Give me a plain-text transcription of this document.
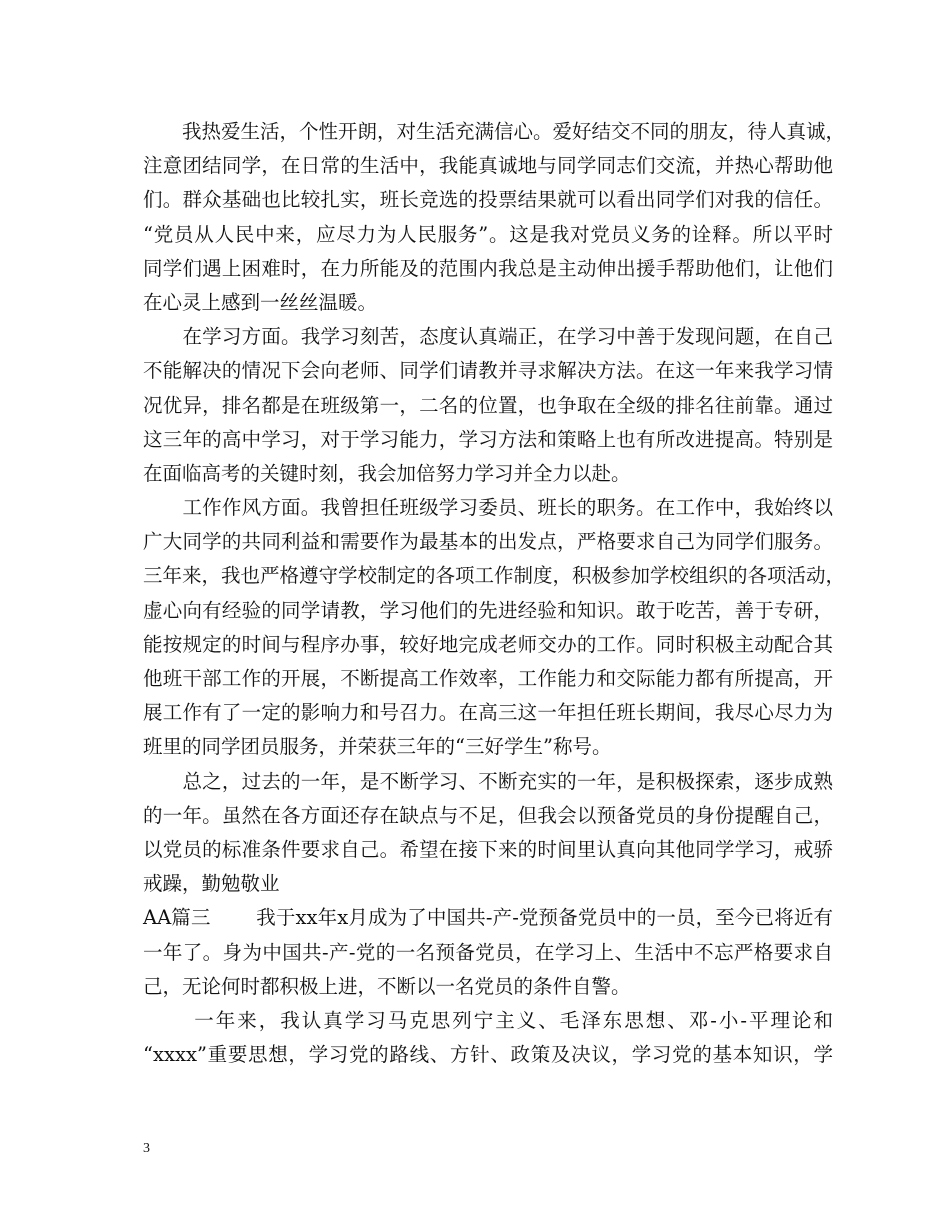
　　我热爱生活，个性开朗，对生活充满信心。爱好结交不同的朋友，待人真诚，
注意团结同学，在日常的生活中，我能真诚地与同学同志们交流，并热心帮助他
们。群众基础也比较扎实，班长竞选的投票结果就可以看出同学们对我的信任。
“党员从人民中来，应尽力为人民服务”。这是我对党员义务的诠释。所以平时
同学们遇上困难时，在力所能及的范围内我总是主动伸出援手帮助他们，让他们
在心灵上感到一丝丝温暖。
　　在学习方面。我学习刻苦，态度认真端正，在学习中善于发现问题，在自己
不能解决的情况下会向老师、同学们请教并寻求解决方法。在这一年来我学习情
况优异，排名都是在班级第一，二名的位置，也争取在全级的排名往前靠。通过
这三年的高中学习，对于学习能力，学习方法和策略上也有所改进提高。特别是
在面临高考的关键时刻，我会加倍努力学习并全力以赴。
　　工作作风方面。我曾担任班级学习委员、班长的职务。在工作中，我始终以
广大同学的共同利益和需要作为最基本的出发点，严格要求自己为同学们服务。
三年来，我也严格遵守学校制定的各项工作制度，积极参加学校组织的各项活动，
虚心向有经验的同学请教，学习他们的先进经验和知识。敢于吃苦，善于专研，
能按规定的时间与程序办事，较好地完成老师交办的工作。同时积极主动配合其
他班干部工作的开展，不断提高工作效率，工作能力和交际能力都有所提高，开
展工作有了一定的影响力和号召力。在高三这一年担任班长期间，我尽心尽力为
班里的同学团员服务，并荣获三年的“三好学生”称号。
　　总之，过去的一年，是不断学习、不断充实的一年，是积极探索，逐步成熟
的一年。虽然在各方面还存在缺点与不足，但我会以预备党员的身份提醒自己，
以党员的标准条件要求自己。希望在接下来的时间里认真向其他同学学习，戒骄
戒躁，勤勉敬业
AA篇三　　 我于xx年x月成为了中国共-产-党预备党员中的一员，至今已将近有
一年了。身为中国共-产-党的一名预备党员，在学习上、生活中不忘严格要求自
己，无论何时都积极上进，不断以一名党员的条件自警。
　　 一年来，我认真学习马克思列宁主义、毛泽东思想、邓-小-平理论和
“xxxx”重要思想，学习党的路线、方针、政策及决议，学习党的基本知识，学
3
